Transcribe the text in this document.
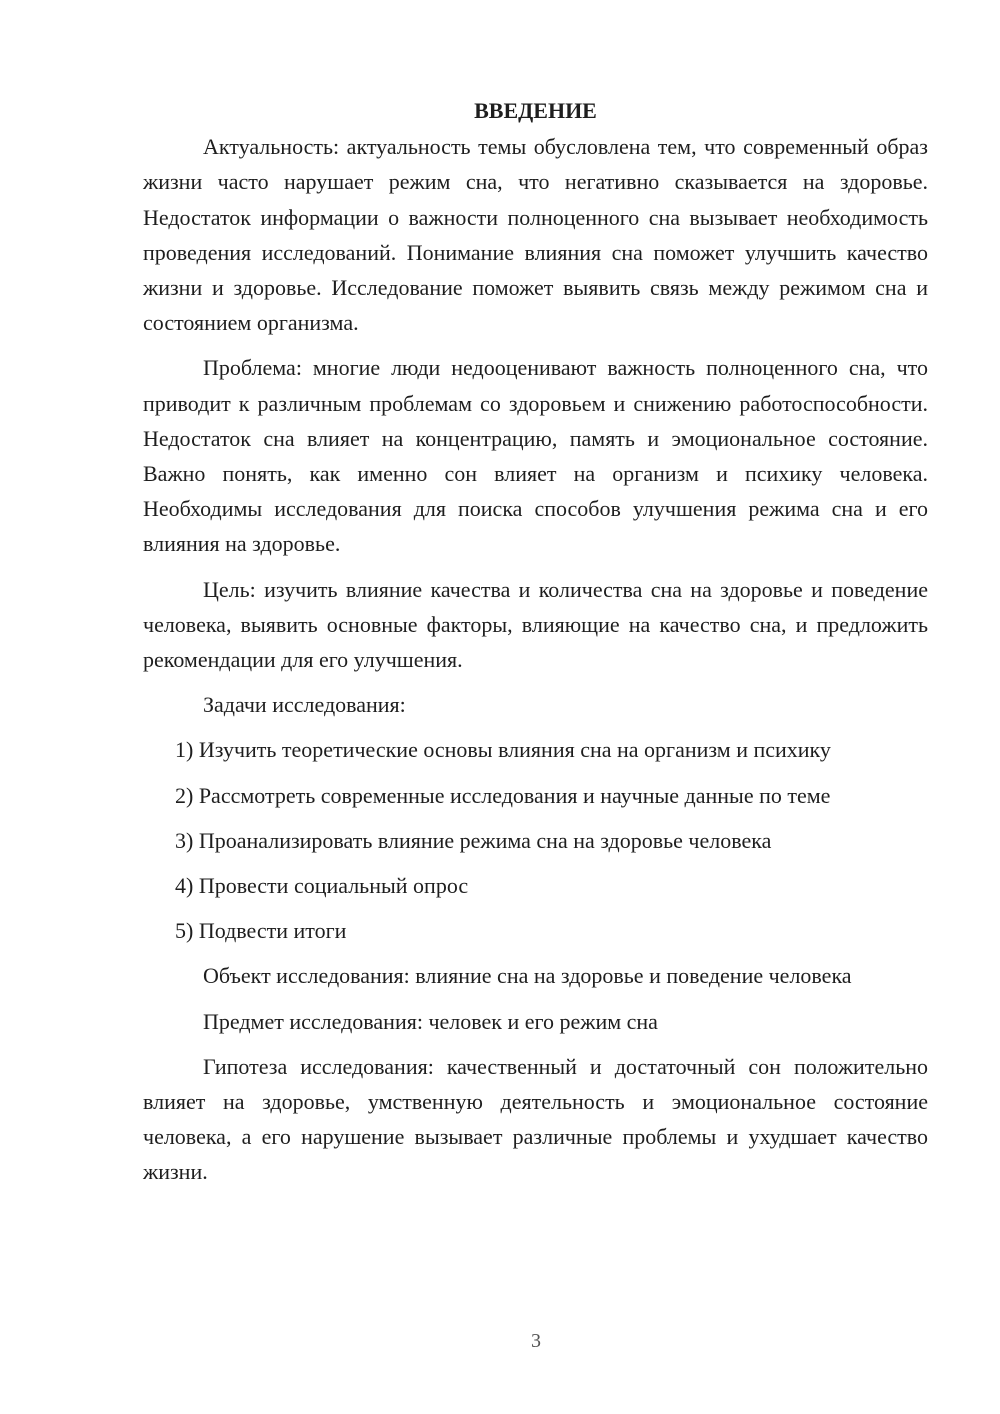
ВВЕДЕНИЕ

Актуальность: актуальность темы обусловлена тем, что современный образ жизни часто нарушает режим сна, что негативно сказывается на здоровье. Недостаток информации о важности полноценного сна вызывает необходимость проведения исследований. Понимание влияния сна поможет улучшить качество жизни и здоровье. Исследование поможет выявить связь между режимом сна и состоянием организма.

Проблема: многие люди недооценивают важность полноценного сна, что приводит к различным проблемам со здоровьем и снижению работоспособности. Недостаток сна влияет на концентрацию, память и эмоциональное состояние. Важно понять, как именно сон влияет на организм и психику человека. Необходимы исследования для поиска способов улучшения режима сна и его влияния на здоровье.

Цель: изучить влияние качества и количества сна на здоровье и поведение человека, выявить основные факторы, влияющие на качество сна, и предложить рекомендации для его улучшения.

Задачи исследования:

1) Изучить теоретические основы влияния сна на организм и психику

2) Рассмотреть современные исследования и научные данные по теме

3) Проанализировать влияние режима сна на здоровье человека

4) Провести социальный опрос

5) Подвести итоги

Объект исследования: влияние сна на здоровье и поведение человека

Предмет исследования: человек и его режим сна

Гипотеза исследования: качественный и достаточный сон положительно влияет на здоровье, умственную деятельность и эмоциональное состояние человека, а его нарушение вызывает различные проблемы и ухудшает качество жизни.

3
